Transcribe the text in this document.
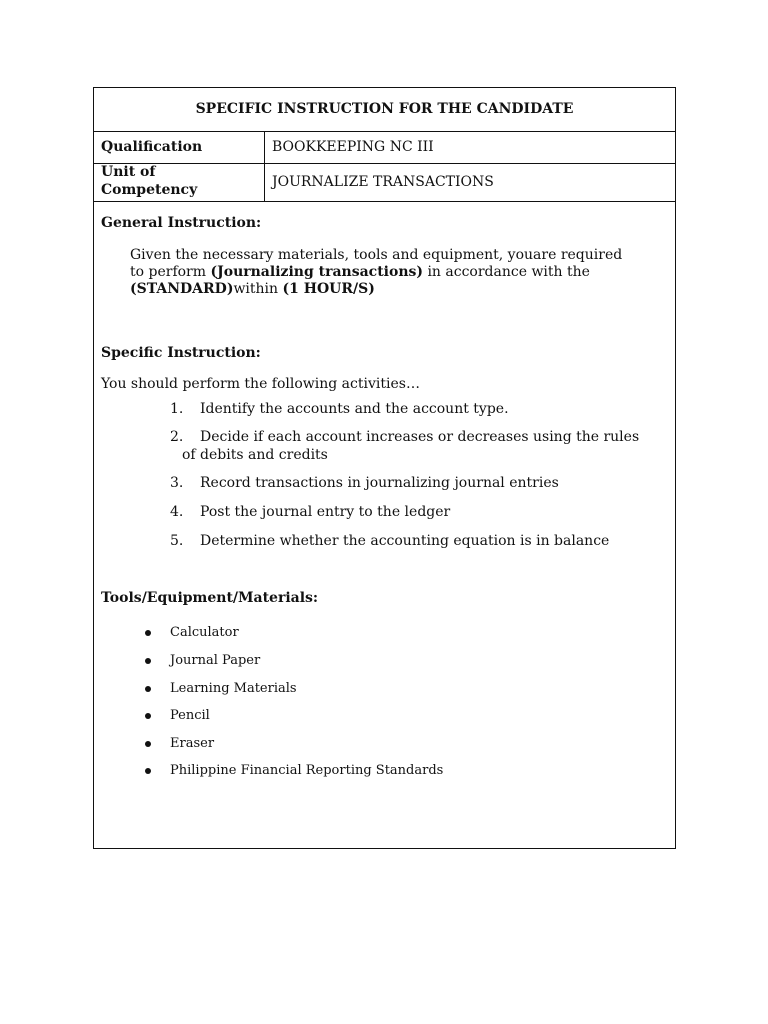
SPECIFIC INSTRUCTION FOR THE CANDIDATE
Qualification	BOOKKEEPING NC III
Unit of
Competency	JOURNALIZE TRANSACTIONS
General Instruction:
Given the necessary materials, tools and equipment, youare required
to perform (Journalizing transactions) in accordance with the
(STANDARD)within (1 HOUR/S)
Specific Instruction:
You should perform the following activities…
1. Identify the accounts and the account type.
2. Decide if each account increases or decreases using the rules
of debits and credits
3. Record transactions in journalizing journal entries
4. Post the journal entry to the ledger
5. Determine whether the accounting equation is in balance
Tools/Equipment/Materials:
Calculator
Journal Paper
Learning Materials
Pencil
Eraser
Philippine Financial Reporting Standards
